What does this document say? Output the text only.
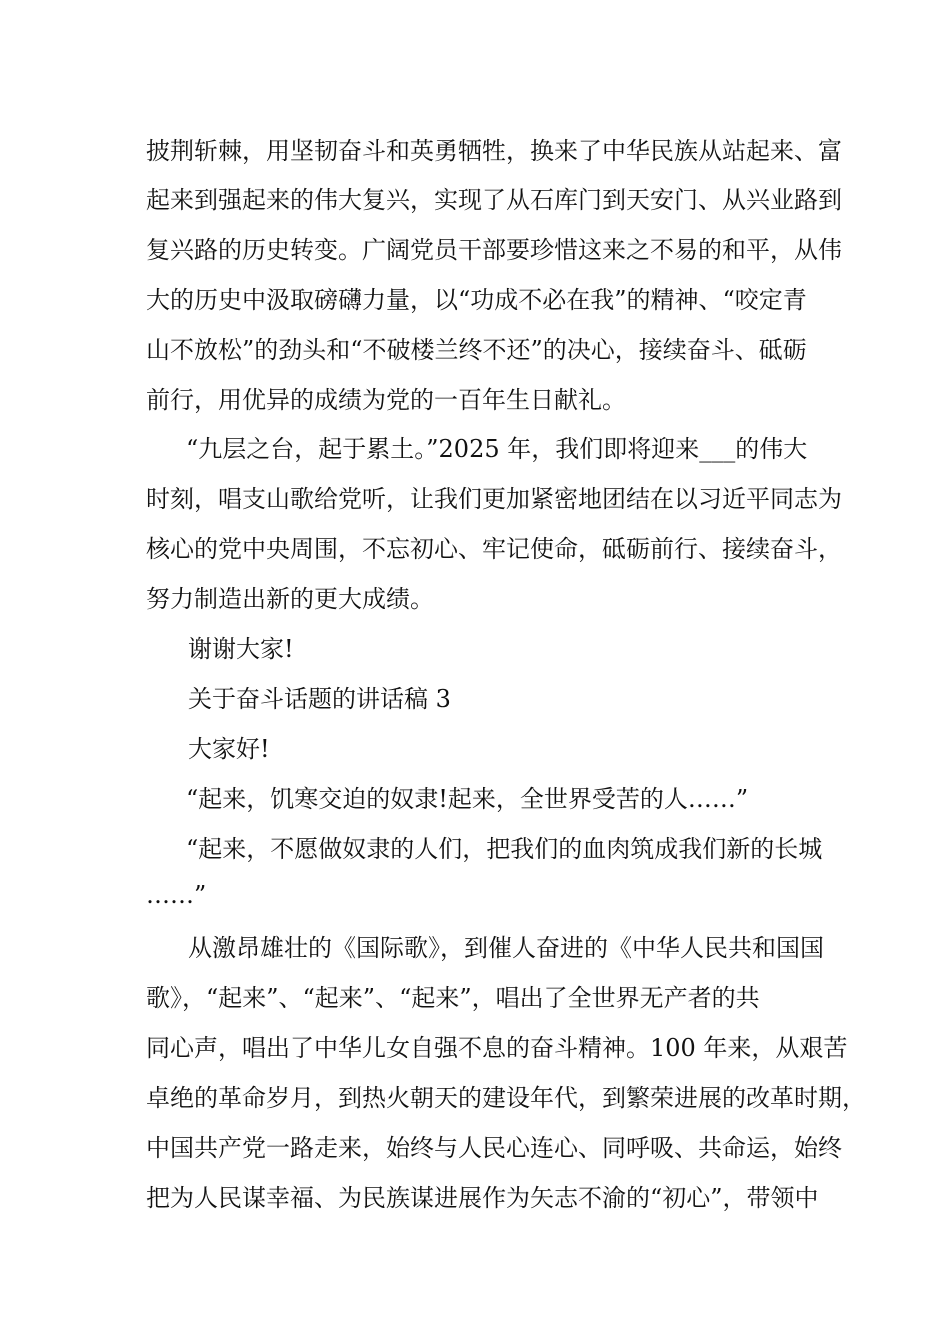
披荆斩棘，用坚韧奋斗和英勇牺牲，换来了中华民族从站起来、富
起来到强起来的伟大复兴，实现了从石库门到天安门、从兴业路到
复兴路的历史转变。广阔党员干部要珍惜这来之不易的和平，从伟
大的历史中汲取磅礴力量，以“功成不必在我”的精神、“咬定青
山不放松”的劲头和“不破楼兰终不还”的决心，接续奋斗、砥砺
前行，用优异的成绩为党的一百年生日献礼。
“九层之台，起于累土。”2025 年，我们即将迎来___的伟大
时刻，唱支山歌给党听，让我们更加紧密地团结在以习近平同志为
核心的党中央周围，不忘初心、牢记使命，砥砺前行、接续奋斗，
努力制造出新的更大成绩。
谢谢大家!
关于奋斗话题的讲话稿 3
大家好!
“起来，饥寒交迫的奴隶!起来，全世界受苦的人……”
“起来，不愿做奴隶的人们，把我们的血肉筑成我们新的长城
……”
从激昂雄壮的《国际歌》，到催人奋进的《中华人民共和国国
歌》，“起来”、“起来”、“起来”，唱出了全世界无产者的共
同心声，唱出了中华儿女自强不息的奋斗精神。100 年来，从艰苦
卓绝的革命岁月，到热火朝天的建设年代，到繁荣进展的改革时期，
中国共产党一路走来，始终与人民心连心、同呼吸、共命运，始终
把为人民谋幸福、为民族谋进展作为矢志不渝的“初心”，带领中
